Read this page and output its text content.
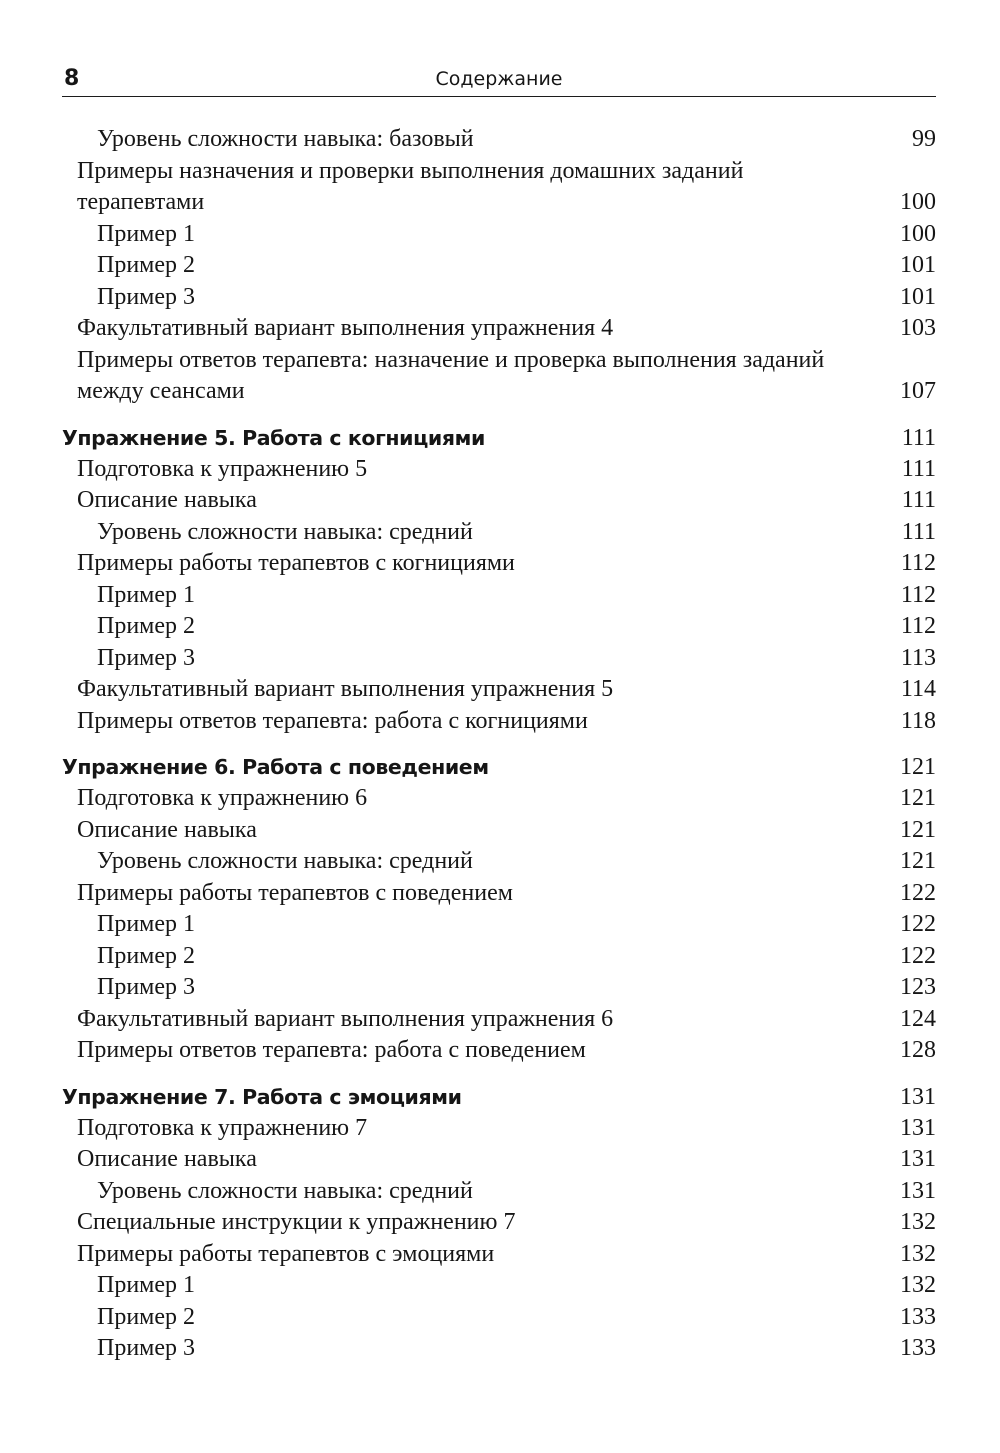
8	Содержание
Уровень сложности навыка: базовый	99
Примеры назначения и проверки выполнения домашних заданий терапевтами	100
Пример 1	100
Пример 2	101
Пример 3	101
Факультативный вариант выполнения упражнения 4	103
Примеры ответов терапевта: назначение и проверка выполнения заданий между сеансами	107
Упражнение 5. Работа с когнициями	111
Подготовка к упражнению 5	111
Описание навыка	111
Уровень сложности навыка: средний	111
Примеры работы терапевтов с когнициями	112
Пример 1	112
Пример 2	112
Пример 3	113
Факультативный вариант выполнения упражнения 5	114
Примеры ответов терапевта: работа с когнициями	118
Упражнение 6. Работа с поведением	121
Подготовка к упражнению 6	121
Описание навыка	121
Уровень сложности навыка: средний	121
Примеры работы терапевтов с поведением	122
Пример 1	122
Пример 2	122
Пример 3	123
Факультативный вариант выполнения упражнения 6	124
Примеры ответов терапевта: работа с поведением	128
Упражнение 7. Работа с эмоциями	131
Подготовка к упражнению 7	131
Описание навыка	131
Уровень сложности навыка: средний	131
Специальные инструкции к упражнению 7	132
Примеры работы терапевтов с эмоциями	132
Пример 1	132
Пример 2	133
Пример 3	133
